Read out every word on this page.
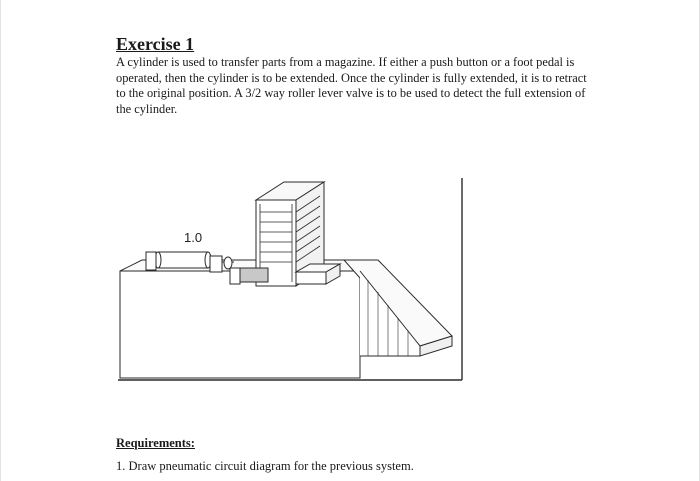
Exercise 1

A cylinder is used to transfer parts from a magazine. If either a push button or a foot pedal is operated, then the cylinder is to be extended. Once the cylinder is fully extended, it is to retract to the original position. A 3/2 way roller lever valve is to be used to detect the full extension of the cylinder.

1.0

Requirements:

1. Draw pneumatic circuit diagram for the previous system.
